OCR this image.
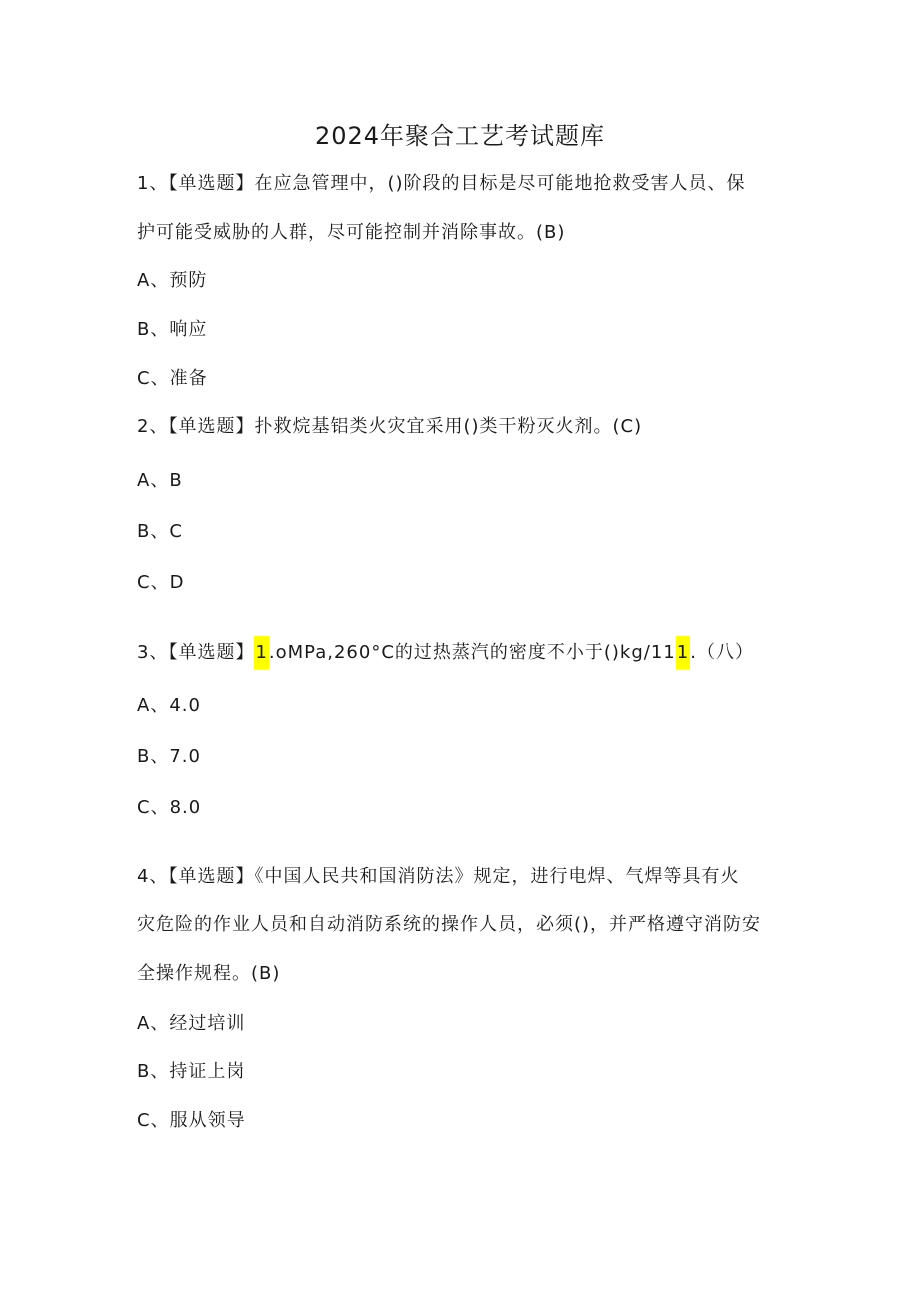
2024年聚合工艺考试题库
1、【单选题】在应急管理中，()阶段的目标是尽可能地抢救受害人员、保
护可能受威胁的人群，尽可能控制并消除事故。(B)
A、预防
B、响应
C、准备
2、【单选题】扑救烷基铝类火灾宜采用()类干粉灭火剂。(C)
A、B
B、C
C、D
3、【单选题】1.oMPa,260°C的过热蒸汽的密度不小于()kg/111.（八）
A、4.0
B、7.0
C、8.0
4、【单选题】《中国人民共和国消防法》规定，进行电焊、气焊等具有火
灾危险的作业人员和自动消防系统的操作人员，必须()，并严格遵守消防安
全操作规程。(B)
A、经过培训
B、持证上岗
C、服从领导
